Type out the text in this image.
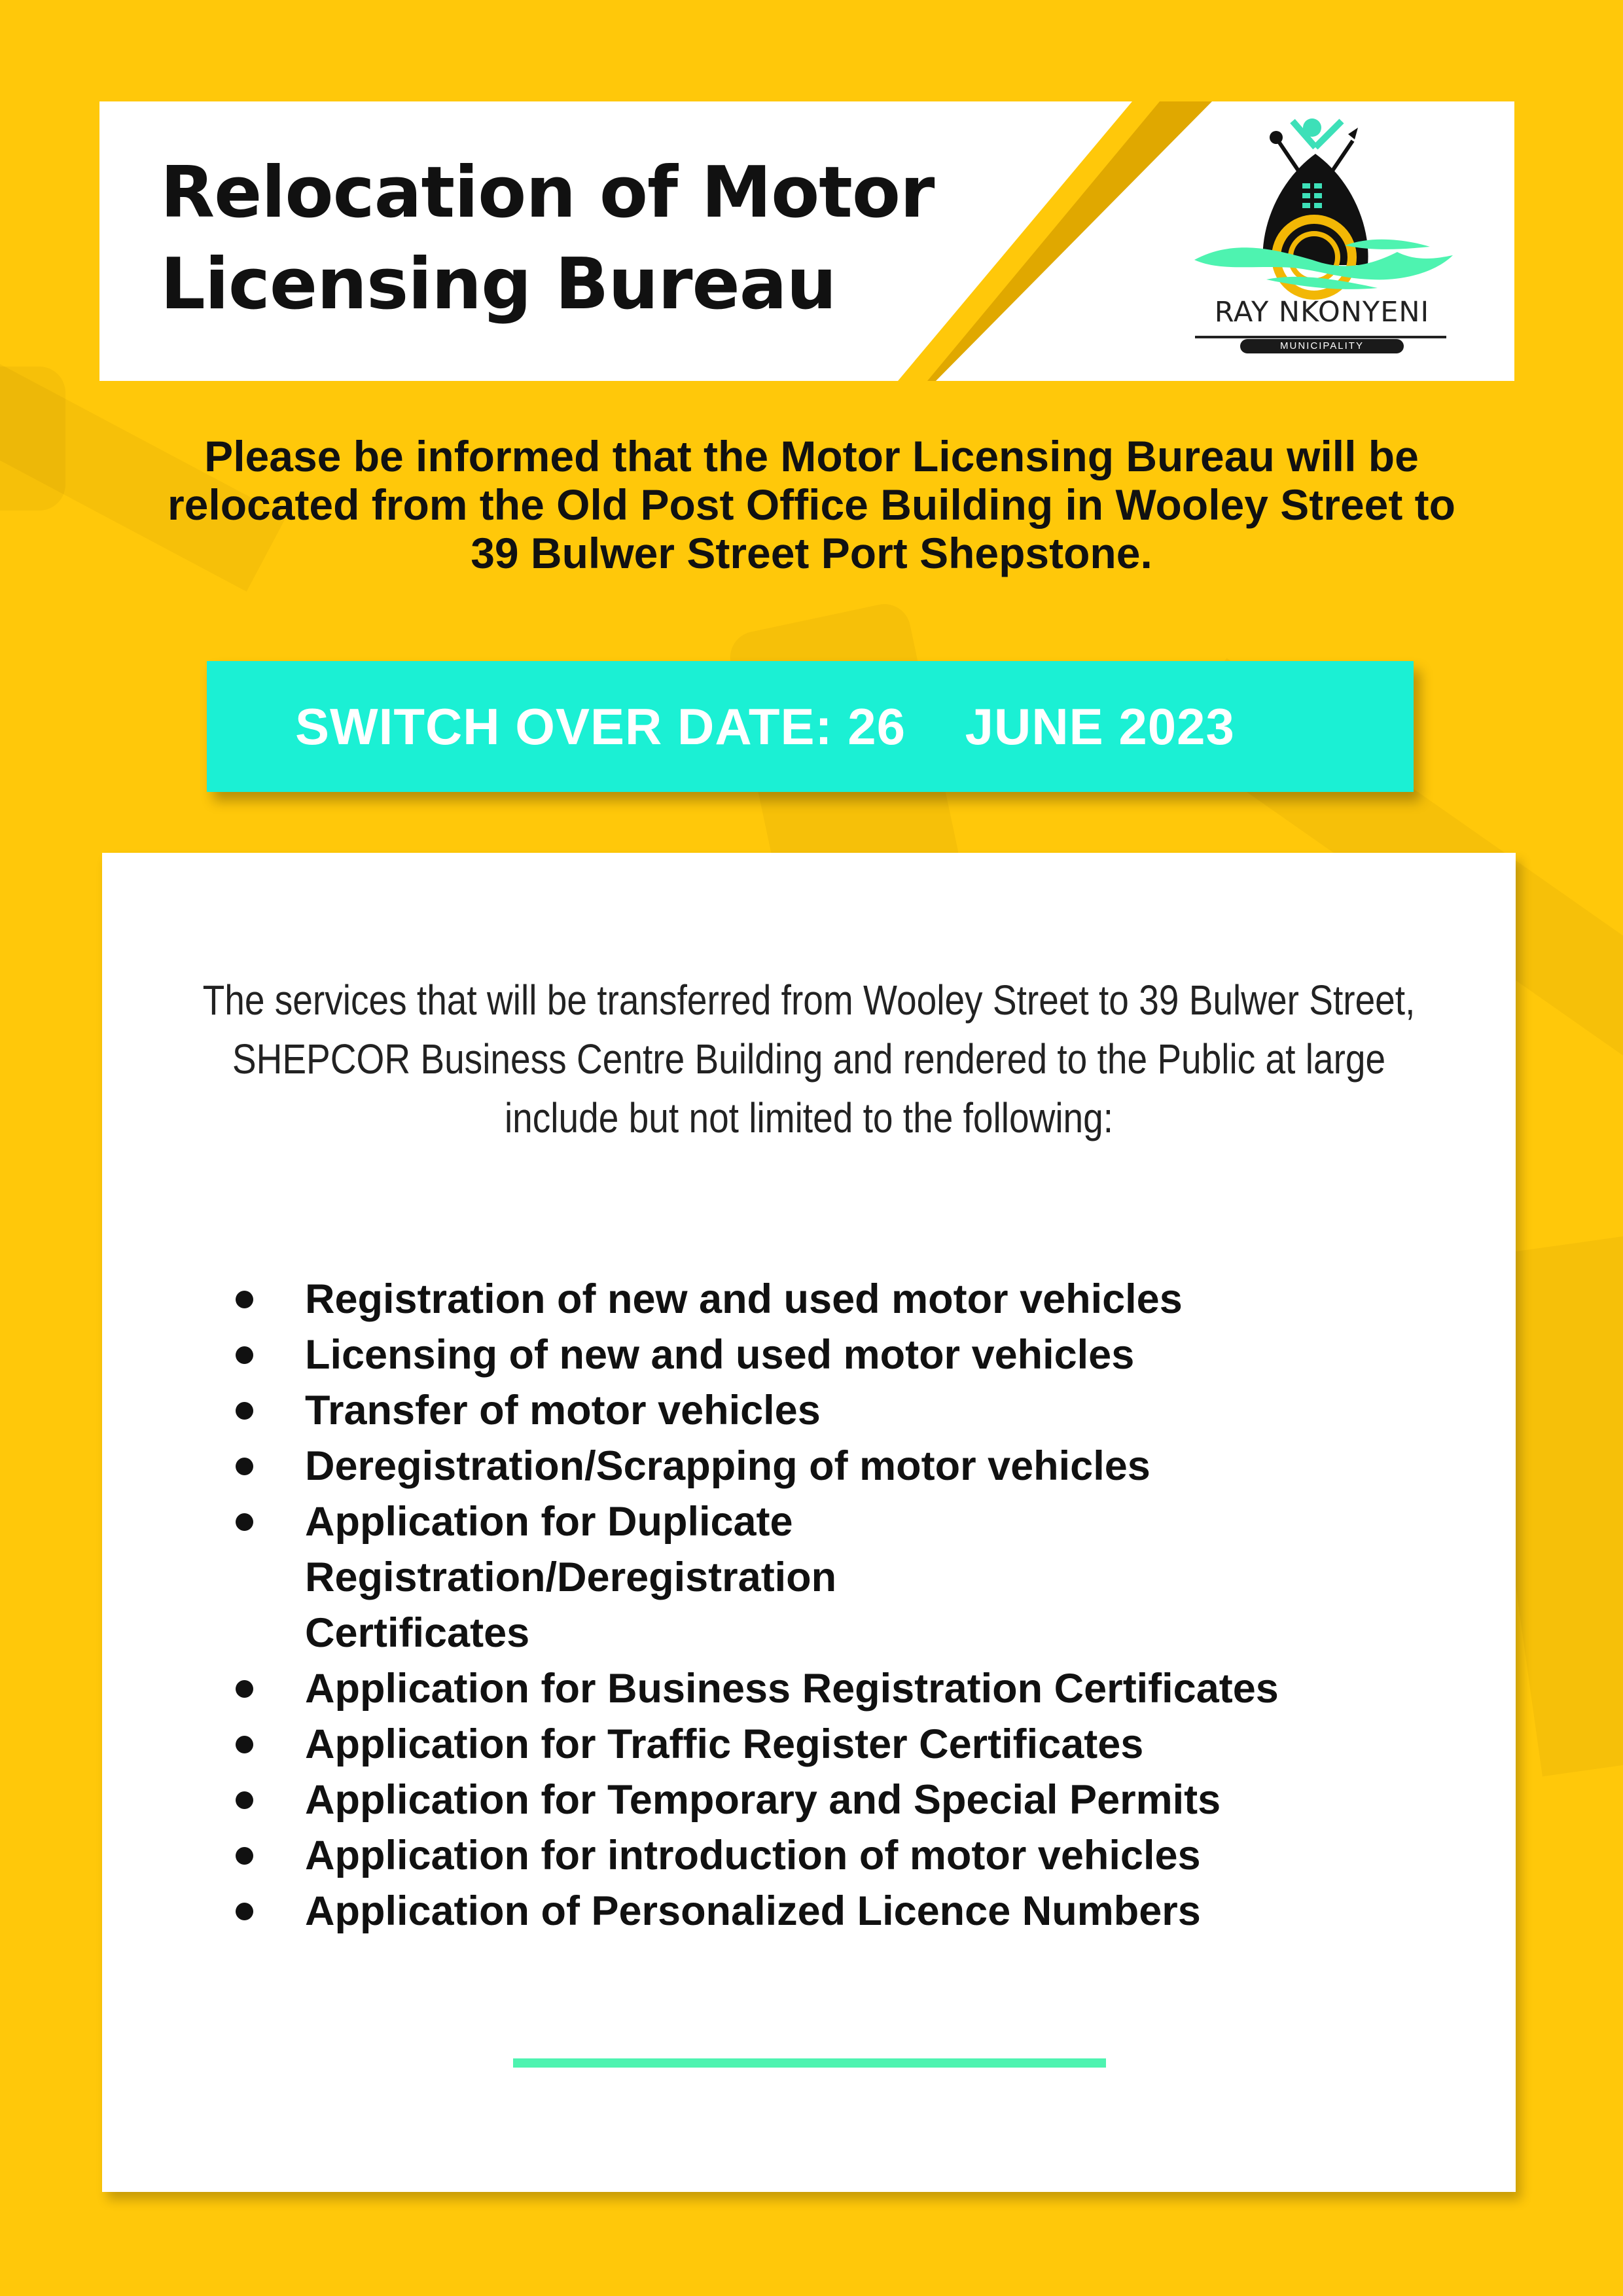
Relocation of Motor Licensing Bureau	RAY NKONYENI
MUNICIPALITY

Please be informed that the Motor Licensing Bureau will be relocated from the Old Post Office Building in Wooley Street to 39 Bulwer Street Port Shepstone.

SWITCH OVER DATE: 26    JUNE 2023

The services that will be transferred from Wooley Street to 39 Bulwer Street, SHEPCOR Business Centre Building and rendered to the Public at large include but not limited to the following:

Registration of new and used motor vehicles
Licensing of new and used motor vehicles
Transfer of motor vehicles
Deregistration/Scrapping of motor vehicles
Application for Duplicate Registration/Deregistration Certificates
Application for Business Registration Certificates
Application for Traffic Register Certificates
Application for Temporary and Special Permits
Application for introduction of motor vehicles
Application of Personalized Licence Numbers
